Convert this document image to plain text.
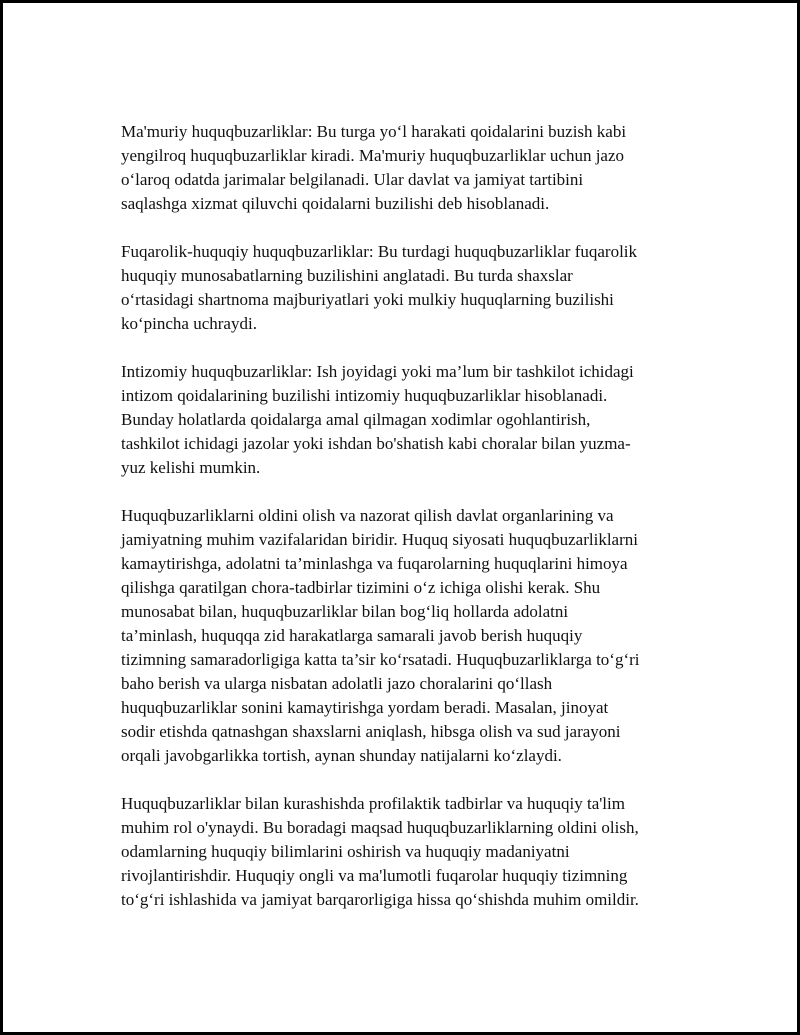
Ma'muriy huquqbuzarliklar: Bu turga yo‘l harakati qoidalarini buzish kabi
yengilroq huquqbuzarliklar kiradi. Ma'muriy huquqbuzarliklar uchun jazo
o‘laroq odatda jarimalar belgilanadi. Ular davlat va jamiyat tartibini
saqlashga xizmat qiluvchi qoidalarni buzilishi deb hisoblanadi.

Fuqarolik-huquqiy huquqbuzarliklar: Bu turdagi huquqbuzarliklar fuqarolik
huquqiy munosabatlarning buzilishini anglatadi. Bu turda shaxslar
o‘rtasidagi shartnoma majburiyatlari yoki mulkiy huquqlarning buzilishi
ko‘pincha uchraydi.

Intizomiy huquqbuzarliklar: Ish joyidagi yoki ma’lum bir tashkilot ichidagi
intizom qoidalarining buzilishi intizomiy huquqbuzarliklar hisoblanadi.
Bunday holatlarda qoidalarga amal qilmagan xodimlar ogohlantirish,
tashkilot ichidagi jazolar yoki ishdan bo'shatish kabi choralar bilan yuzma-
yuz kelishi mumkin.

Huquqbuzarliklarni oldini olish va nazorat qilish davlat organlarining va
jamiyatning muhim vazifalaridan biridir. Huquq siyosati huquqbuzarliklarni
kamaytirishga, adolatni ta’minlashga va fuqarolarning huquqlarini himoya
qilishga qaratilgan chora-tadbirlar tizimini o‘z ichiga olishi kerak. Shu
munosabat bilan, huquqbuzarliklar bilan bog‘liq hollarda adolatni
ta’minlash, huquqqa zid harakatlarga samarali javob berish huquqiy
tizimning samaradorligiga katta ta’sir ko‘rsatadi. Huquqbuzarliklarga to‘g‘ri
baho berish va ularga nisbatan adolatli jazo choralarini qo‘llash
huquqbuzarliklar sonini kamaytirishga yordam beradi. Masalan, jinoyat
sodir etishda qatnashgan shaxslarni aniqlash, hibsga olish va sud jarayoni
orqali javobgarlikka tortish, aynan shunday natijalarni ko‘zlaydi.

Huquqbuzarliklar bilan kurashishda profilaktik tadbirlar va huquqiy ta'lim
muhim rol o'ynaydi. Bu boradagi maqsad huquqbuzarliklarning oldini olish,
odamlarning huquqiy bilimlarini oshirish va huquqiy madaniyatni
rivojlantirishdir. Huquqiy ongli va ma'lumotli fuqarolar huquqiy tizimning
to‘g‘ri ishlashida va jamiyat barqarorligiga hissa qo‘shishda muhim omildir.
